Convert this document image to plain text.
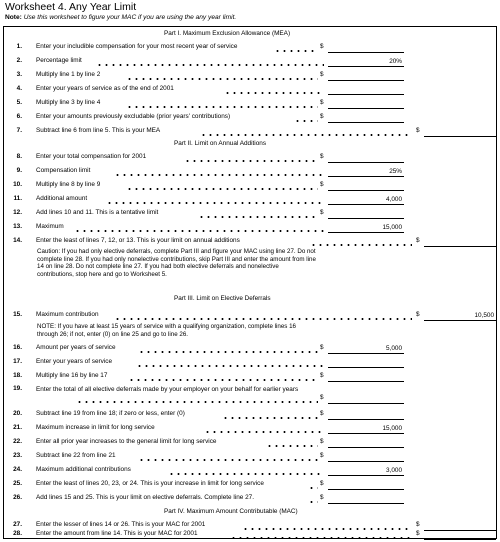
Worksheet 4. Any Year Limit
Note: Use this worksheet to figure your MAC if you are using the any year limit.
Part I. Maximum Exclusion Allowance (MEA)
1. Enter your includible compensation for your most recent year of service	$
2. Percentage limit	20%
3. Multiply line 1 by line 2	$
4. Enter your years of service as of the end of 2001
5. Multiply line 3 by line 4	$
6. Enter your amounts previously excludable (prior years' contributions)	$
7. Subtract line 6 from line 5. This is your MEA	$
Part II. Limit on Annual Additions
8. Enter your total compensation for 2001	$
9. Compensation limit	25%
10. Multiply line 8 by line 9	$
11. Additional amount	4,000
12. Add lines 10 and 11. This is a tentative limit	$
13. Maximum	15,000
14. Enter the least of lines 7, 12, or 13. This is your limit on annual additions	$
Caution: If you had only elective deferrals, complete Part III and figure your MAC using line 27. Do not complete line 28. If you had only nonelective contributions, skip Part III and enter the amount from line 14 on line 28. Do not complete line 27. If you had both elective deferrals and nonelective contributions, stop here and go to Worksheet 5.
Part III. Limit on Elective Deferrals
15. Maximum contribution	$	10,500
NOTE: If you have at least 15 years of service with a qualifying organization, complete lines 16 through 26; if not, enter (0) on line 25 and go to line 26.
16. Amount per years of service	$	5,000
17. Enter your years of service
18. Multiply line 16 by line 17	$
19. Enter the total of all elective deferrals made by your employer on your behalf for earlier years
$
20. Subtract line 19 from line 18; if zero or less, enter (0)	$
21. Maximum increase in limit for long service	15,000
22. Enter all prior year increases to the general limit for long service	$
23. Subtract line 22 from line 21	$
24. Maximum additional contributions	3,000
25. Enter the least of lines 20, 23, or 24. This is your increase in limit for long service	$
26. Add lines 15 and 25. This is your limit on elective deferrals. Complete line 27.	$
Part IV. Maximum Amount Contributable (MAC)
27. Enter the lesser of lines 14 or 26. This is your MAC for 2001	$
28. Enter the amount from line 14. This is your MAC for 2001	$
